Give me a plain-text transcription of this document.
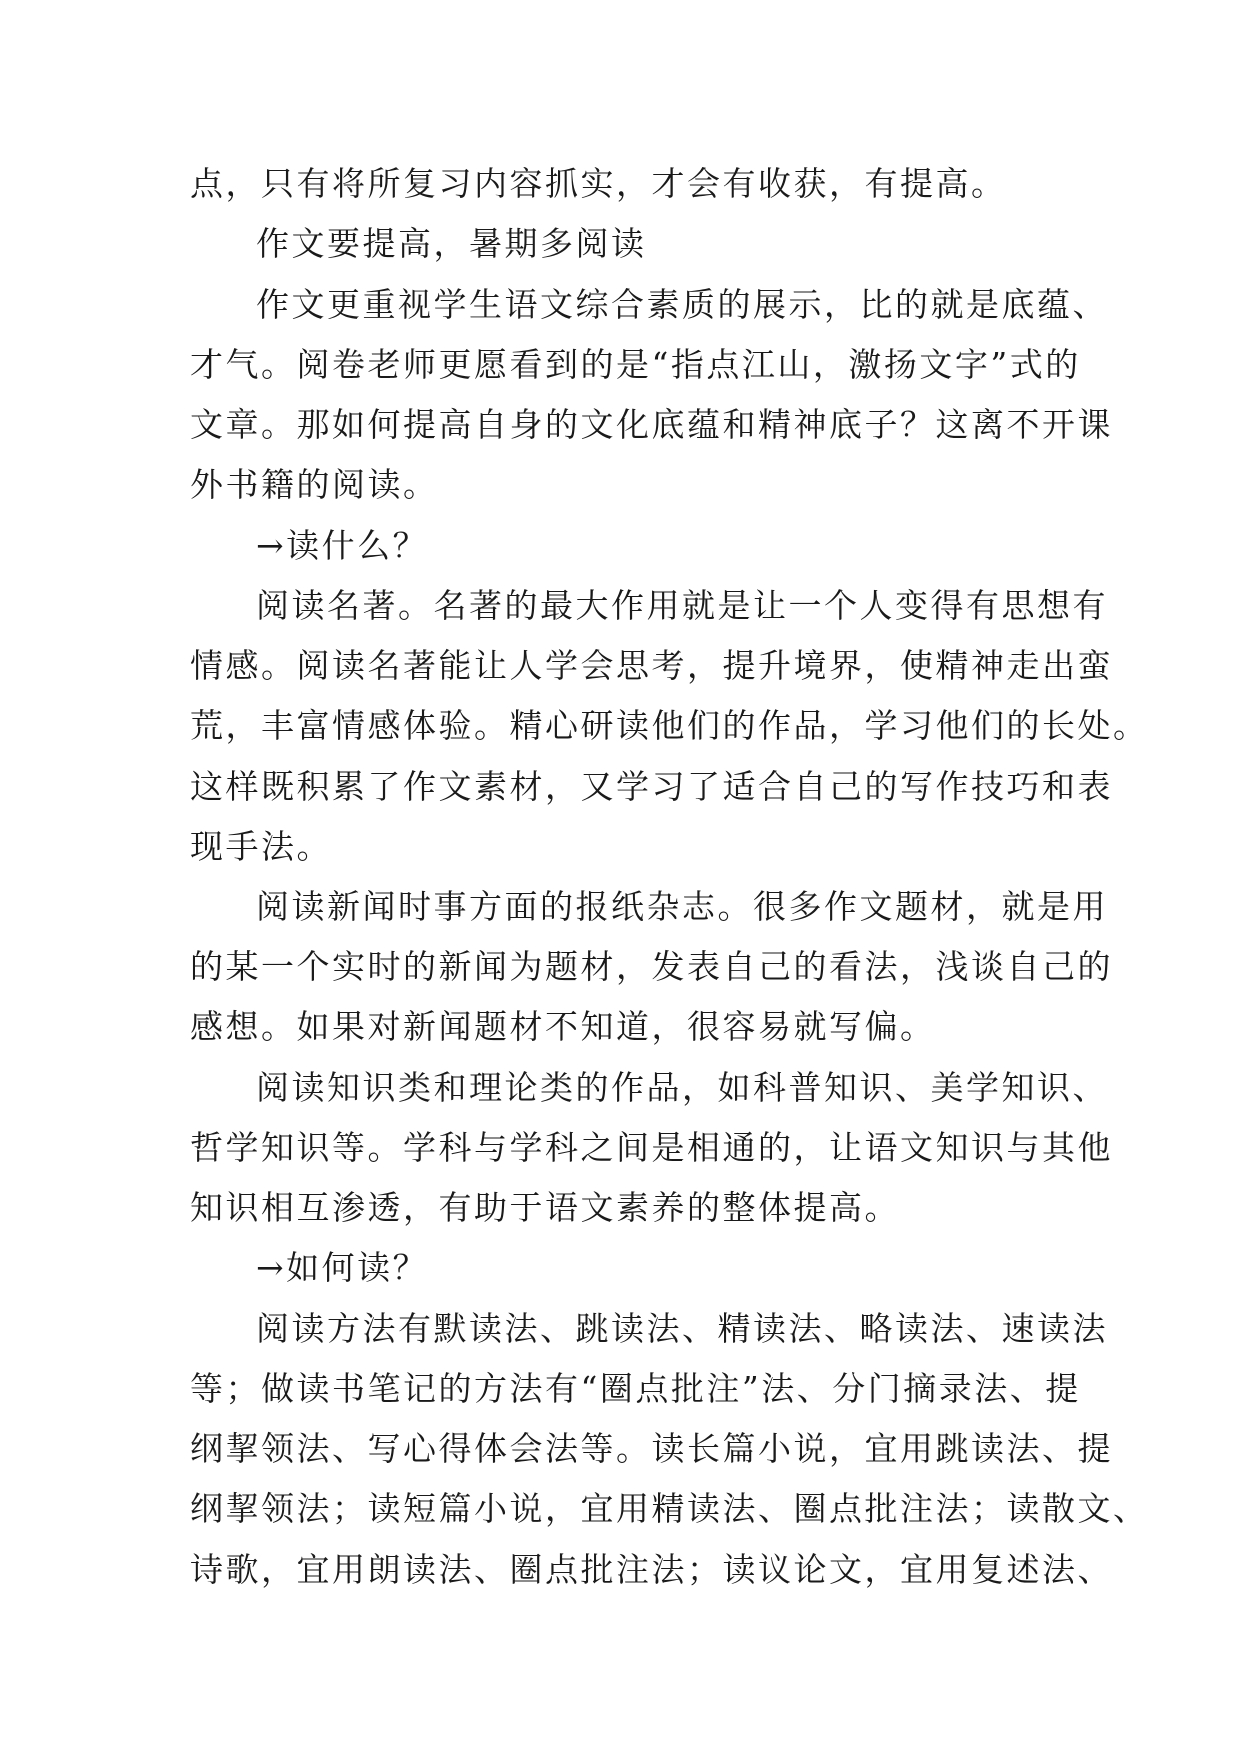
点，只有将所复习内容抓实，才会有收获，有提高。
作文要提高，暑期多阅读
作文更重视学生语文综合素质的展示，比的就是底蕴、
才气。阅卷老师更愿看到的是“指点江山，激扬文字”式的
文章。那如何提高自身的文化底蕴和精神底子？这离不开课
外书籍的阅读。
→读什么？
阅读名著。名著的最大作用就是让一个人变得有思想有
情感。阅读名著能让人学会思考，提升境界，使精神走出蛮
荒，丰富情感体验。精心研读他们的作品，学习他们的长处。
这样既积累了作文素材，又学习了适合自己的写作技巧和表
现手法。
阅读新闻时事方面的报纸杂志。很多作文题材，就是用
的某一个实时的新闻为题材，发表自己的看法，浅谈自己的
感想。如果对新闻题材不知道，很容易就写偏。
阅读知识类和理论类的作品，如科普知识、美学知识、
哲学知识等。学科与学科之间是相通的，让语文知识与其他
知识相互渗透，有助于语文素养的整体提高。
→如何读？
阅读方法有默读法、跳读法、精读法、略读法、速读法
等；做读书笔记的方法有“圈点批注”法、分门摘录法、提
纲挈领法、写心得体会法等。读长篇小说，宜用跳读法、提
纲挈领法；读短篇小说，宜用精读法、圈点批注法；读散文、
诗歌，宜用朗读法、圈点批注法；读议论文，宜用复述法、
